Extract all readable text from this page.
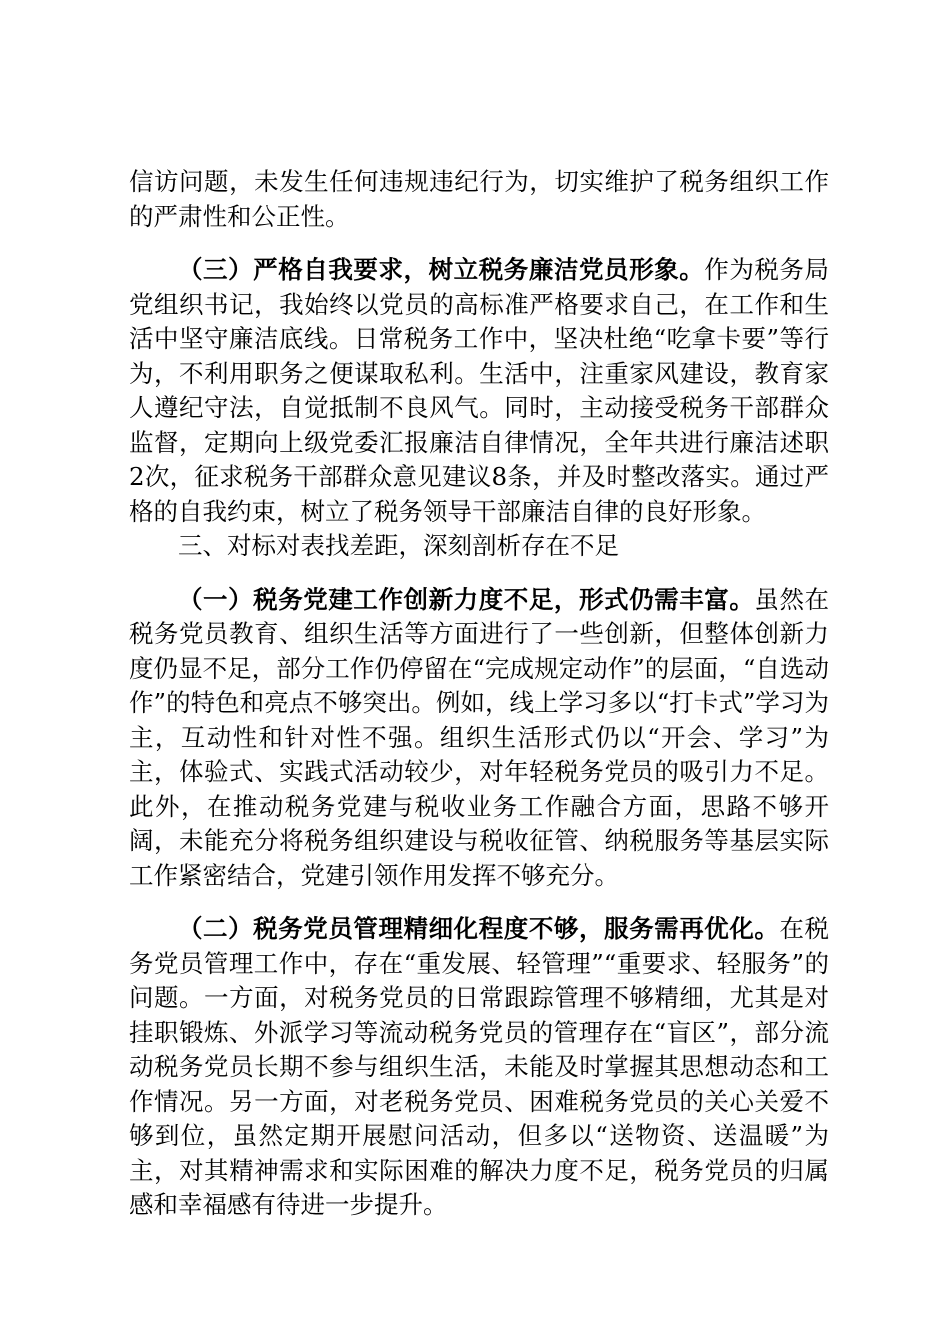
信访问题，未发生任何违规违纪行为，切实维护了税务组织工作的严肃性和公正性。

（三）严格自我要求，树立税务廉洁党员形象。作为税务局党组织书记，我始终以党员的高标准严格要求自己，在工作和生活中坚守廉洁底线。日常税务工作中，坚决杜绝“吃拿卡要”等行为，不利用职务之便谋取私利。生活中，注重家风建设，教育家人遵纪守法，自觉抵制不良风气。同时，主动接受税务干部群众监督，定期向上级党委汇报廉洁自律情况，全年共进行廉洁述职2次，征求税务干部群众意见建议8条，并及时整改落实。通过严格的自我约束，树立了税务领导干部廉洁自律的良好形象。

三、对标对表找差距，深刻剖析存在不足

（一）税务党建工作创新力度不足，形式仍需丰富。虽然在税务党员教育、组织生活等方面进行了一些创新，但整体创新力度仍显不足，部分工作仍停留在“完成规定动作”的层面，“自选动作”的特色和亮点不够突出。例如，线上学习多以“打卡式”学习为主，互动性和针对性不强。组织生活形式仍以“开会、学习”为主，体验式、实践式活动较少，对年轻税务党员的吸引力不足。此外，在推动税务党建与税收业务工作融合方面，思路不够开阔，未能充分将税务组织建设与税收征管、纳税服务等基层实际工作紧密结合，党建引领作用发挥不够充分。

（二）税务党员管理精细化程度不够，服务需再优化。在税务党员管理工作中，存在“重发展、轻管理”“重要求、轻服务”的问题。一方面，对税务党员的日常跟踪管理不够精细，尤其是对挂职锻炼、外派学习等流动税务党员的管理存在“盲区”，部分流动税务党员长期不参与组织生活，未能及时掌握其思想动态和工作情况。另一方面，对老税务党员、困难税务党员的关心关爱不够到位，虽然定期开展慰问活动，但多以“送物资、送温暖”为主，对其精神需求和实际困难的解决力度不足，税务党员的归属感和幸福感有待进一步提升。
